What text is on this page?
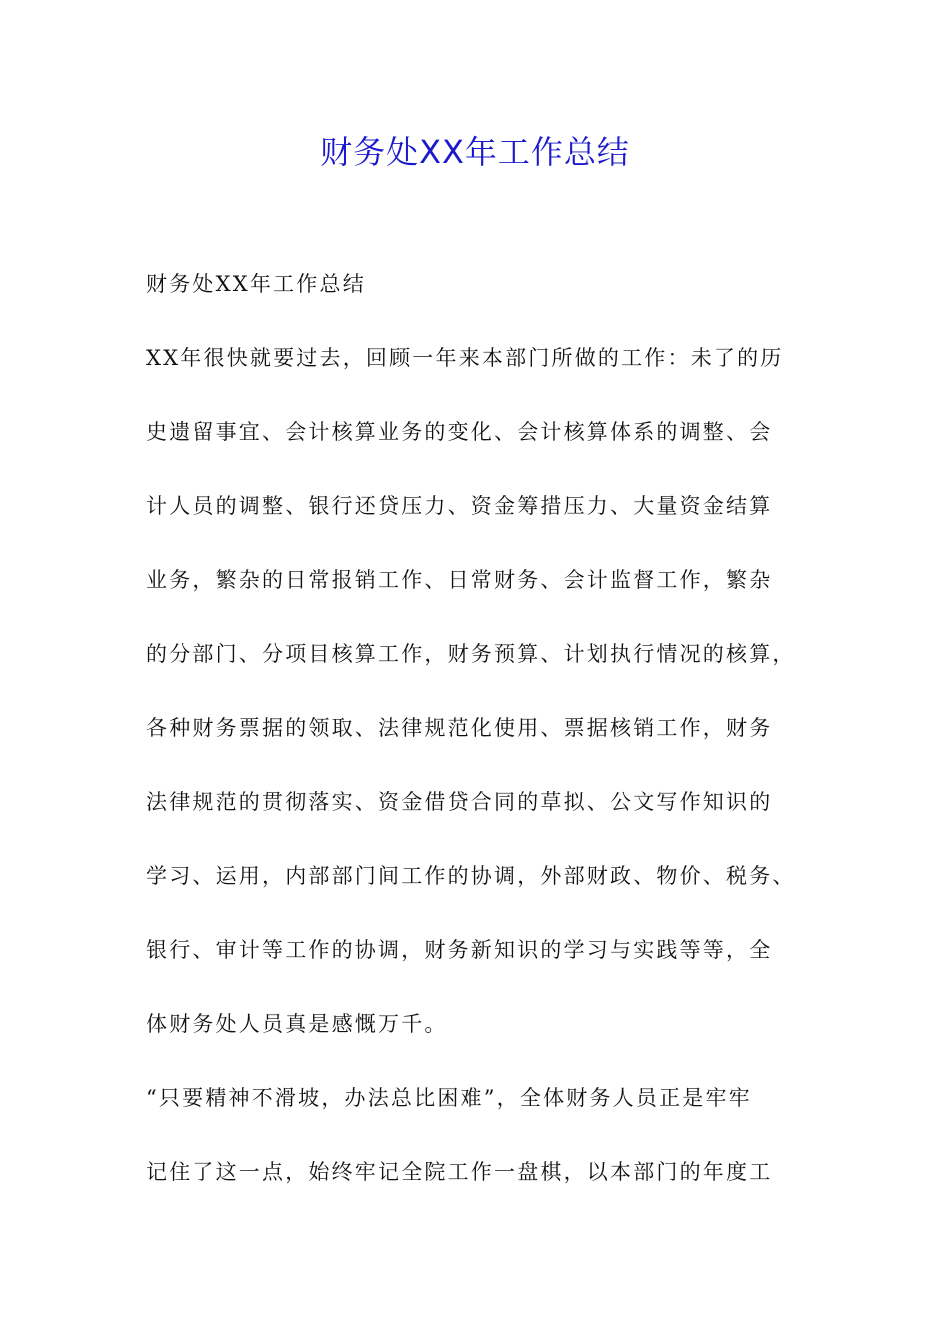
财务处XX年工作总结
财务处XX年工作总结
XX年很快就要过去，回顾一年来本部门所做的工作：未了的历
史遗留事宜、会计核算业务的变化、会计核算体系的调整、会
计人员的调整、银行还贷压力、资金筹措压力、大量资金结算
业务，繁杂的日常报销工作、日常财务、会计监督工作，繁杂
的分部门、分项目核算工作，财务预算、计划执行情况的核算，
各种财务票据的领取、法律规范化使用、票据核销工作，财务
法律规范的贯彻落实、资金借贷合同的草拟、公文写作知识的
学习、运用，内部部门间工作的协调，外部财政、物价、税务、
银行、审计等工作的协调，财务新知识的学习与实践等等，全
体财务处人员真是感慨万千。
“只要精神不滑坡，办法总比困难”，全体财务人员正是牢牢
记住了这一点，始终牢记全院工作一盘棋，以本部门的年度工
